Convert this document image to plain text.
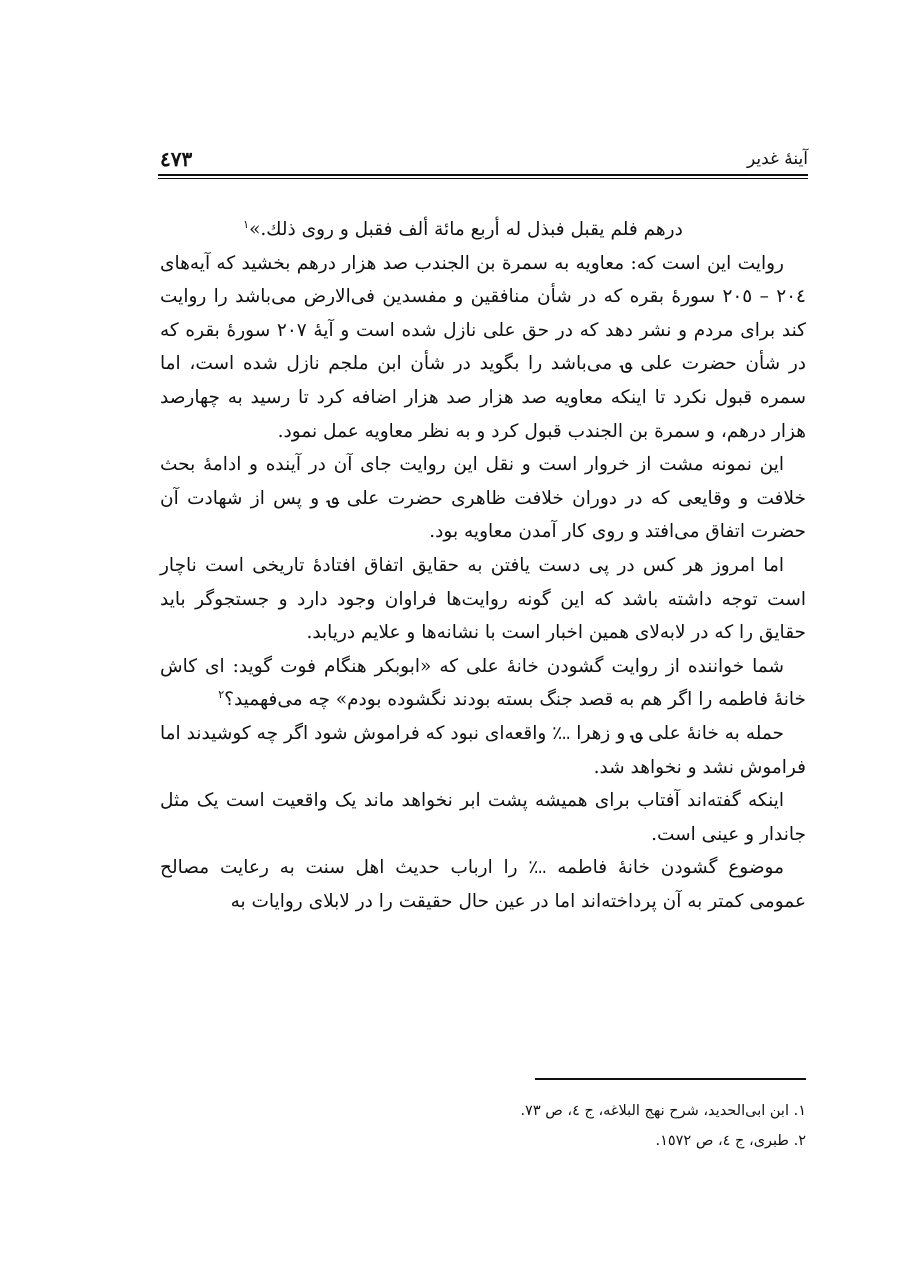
آینهٔ غدیر
٤٧٣

درهم فلم یقبل فبذل له أربع مائة ألف فقبل و روی ذلك.»$^١$

روایت این است که: معاویه به سمرة بن الجندب صد هزار درهم بخشید که آیه‌های ٢٠٤ – ٢٠٥ سورهٔ بقره که در شأن منافقین و مفسدین فی‌الارض می‌باشد را روایت کند برای مردم و نشر دهد که در حق علی نازل شده است و آیهٔ ٢٠٧ سورهٔ بقره که در شأن حضرت علی ؈ می‌باشد را بگوید در شأن ابن ملجم نازل شده است، اما سمره قبول نکرد تا اینکه معاویه صد هزار صد هزار اضافه کرد تا رسید به چهارصد هزار درهم، و سمرة بن الجندب قبول کرد و به نظر معاویه عمل نمود.

این نمونه مشت از خروار است و نقل این روایت جای آن در آینده و ادامهٔ بحث خلافت و وقایعی که در دوران خلافت ظاهری حضرت علی ؈ و پس از شهادت آن حضرت اتفاق می‌افتد و روی کار آمدن معاویه بود.

اما امروز هر کس در پی دست یافتن به حقایق اتفاق افتادهٔ تاریخی است ناچار است توجه داشته باشد که این گونه روایت‌ها فراوان وجود دارد و جستجوگر باید حقایق را که در لابه‌لای همین اخبار است با نشانه‌ها و علایم دریابد.

شما خواننده از روایت گشودن خانهٔ علی که «ابوبکر هنگام فوت گوید: ای کاش خانهٔ فاطمه را اگر هم به قصد جنگ بسته بودند نگشوده بودم» چه می‌فهمید؟$^٢$

حمله به خانهٔ علی ؈ و زهرا ؊ واقعه‌ای نبود که فراموش شود اگر چه کوشیدند اما فراموش نشد و نخواهد شد.

اینکه گفته‌اند آفتاب برای همیشه پشت ابر نخواهد ماند یک واقعیت است یک مثل جاندار و عینی است.

موضوع گشودن خانهٔ فاطمه ؊ را ارباب حدیث اهل سنت به رعایت مصالح عمومی کمتر به آن پرداخته‌اند اما در عین حال حقیقت را در لابلای روایات به

١. ابن ابی‌الحدید، شرح نهج البلاغه، ج ٤، ص ٧٣.

٢. طبری، ج ٤، ص ١٥٧٢.
